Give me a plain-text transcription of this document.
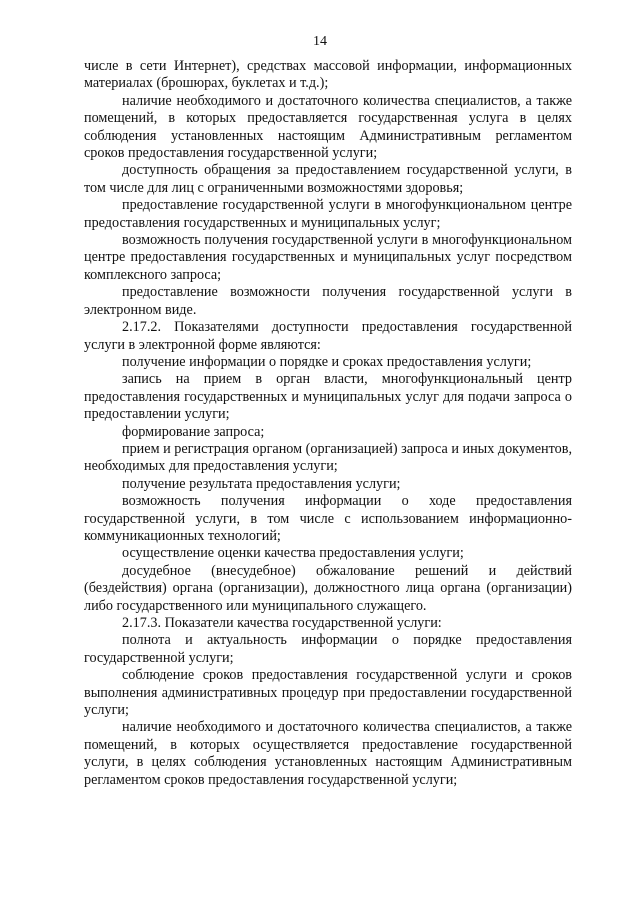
14

числе в сети Интернет), средствах массовой информации, информационных материалах (брошюрах, буклетах и т.д.);

наличие необходимого и достаточного количества специалистов, а также помещений, в которых предоставляется государственная услуга в целях соблюдения установленных настоящим Административным регламентом сроков предоставления государственной услуги;

доступность обращения за предоставлением государственной услуги, в том числе для лиц с ограниченными возможностями здоровья;

предоставление государственной услуги в многофункциональном центре предоставления государственных и муниципальных услуг;

возможность получения государственной услуги в многофункциональном центре предоставления государственных и муниципальных услуг посредством комплексного запроса;

предоставление возможности получения государственной услуги в электронном виде.

2.17.2. Показателями доступности предоставления государственной услуги в электронной форме являются:

получение информации о порядке и сроках предоставления услуги;

запись на прием в орган власти, многофункциональный центр предоставления государственных и муниципальных услуг для подачи запроса о предоставлении услуги;

формирование запроса;

прием и регистрация органом (организацией) запроса и иных документов, необходимых для предоставления услуги;

получение результата предоставления услуги;

возможность получения информации о ходе предоставления государственной услуги, в том числе с использованием информационно-коммуникационных технологий;

осуществление оценки качества предоставления услуги;

досудебное (внесудебное) обжалование решений и действий (бездействия) органа (организации), должностного лица органа (организации) либо государственного или муниципального служащего.

2.17.3. Показатели качества государственной услуги:

полнота и актуальность информации о порядке предоставления государственной услуги;

соблюдение сроков предоставления государственной услуги и сроков выполнения административных процедур при предоставлении государственной услуги;

наличие необходимого и достаточного количества специалистов, а также помещений, в которых осуществляется предоставление государственной услуги, в целях соблюдения установленных настоящим Административным регламентом сроков предоставления государственной услуги;
